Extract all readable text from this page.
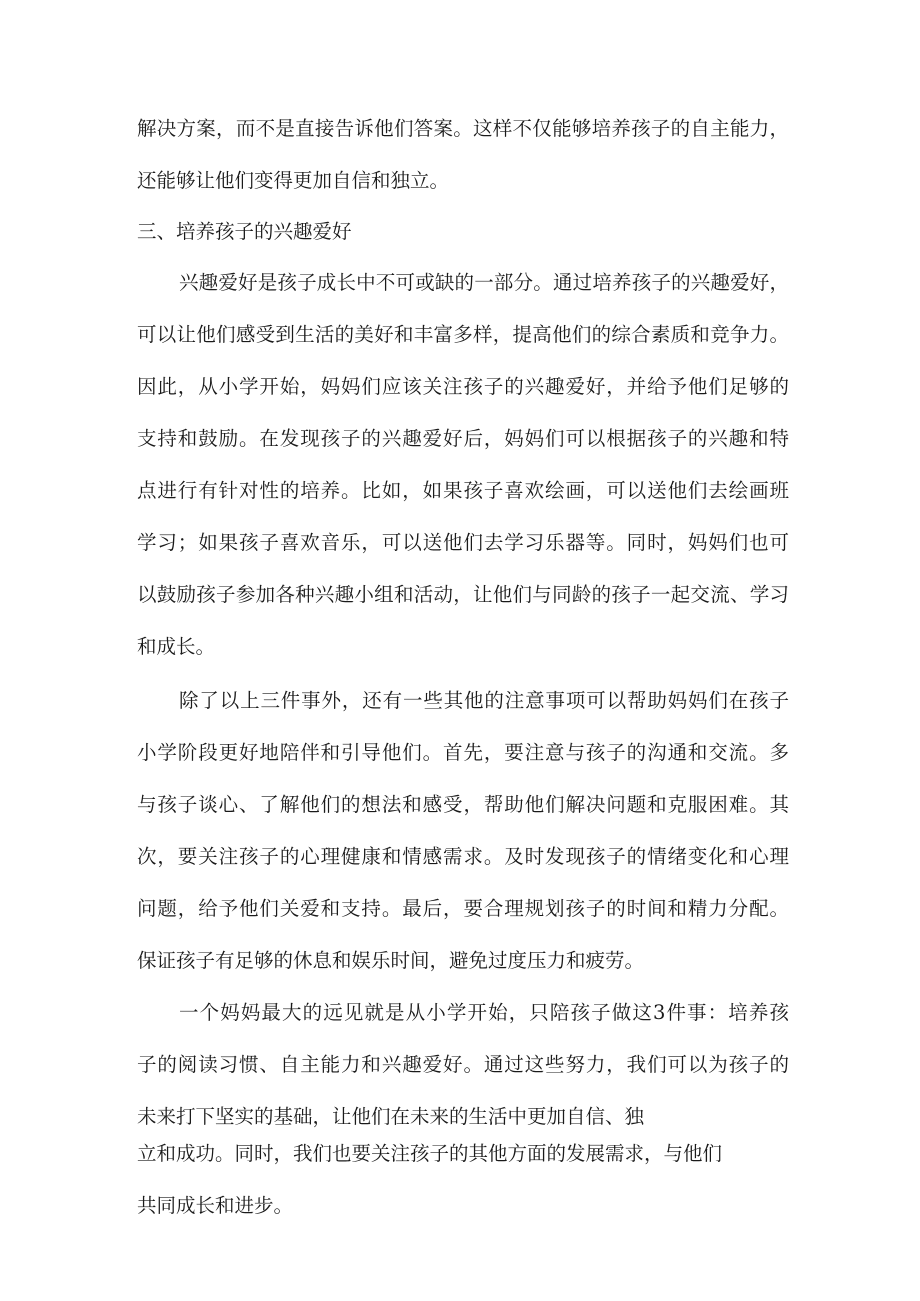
解决方案，而不是直接告诉他们答案。这样不仅能够培养孩子的自主能力，

还能够让他们变得更加自信和独立。

三、培养孩子的兴趣爱好

兴趣爱好是孩子成长中不可或缺的一部分。通过培养孩子的兴趣爱好，

可以让他们感受到生活的美好和丰富多样，提高他们的综合素质和竞争力。

因此，从小学开始，妈妈们应该关注孩子的兴趣爱好，并给予他们足够的

支持和鼓励。在发现孩子的兴趣爱好后，妈妈们可以根据孩子的兴趣和特

点进行有针对性的培养。比如，如果孩子喜欢绘画，可以送他们去绘画班

学习；如果孩子喜欢音乐，可以送他们去学习乐器等。同时，妈妈们也可

以鼓励孩子参加各种兴趣小组和活动，让他们与同龄的孩子一起交流、学习

和成长。

除了以上三件事外，还有一些其他的注意事项可以帮助妈妈们在孩子

小学阶段更好地陪伴和引导他们。首先，要注意与孩子的沟通和交流。多

与孩子谈心、了解他们的想法和感受，帮助他们解决问题和克服困难。其

次，要关注孩子的心理健康和情感需求。及时发现孩子的情绪变化和心理

问题，给予他们关爱和支持。最后，要合理规划孩子的时间和精力分配。

保证孩子有足够的休息和娱乐时间，避免过度压力和疲劳。

一个妈妈最大的远见就是从小学开始，只陪孩子做这3件事：培养孩

子的阅读习惯、自主能力和兴趣爱好。通过这些努力，我们可以为孩子的

未来打下坚实的基础，让他们在未来的生活中更加自信、独

立和成功。同时，我们也要关注孩子的其他方面的发展需求，与他们

共同成长和进步。
